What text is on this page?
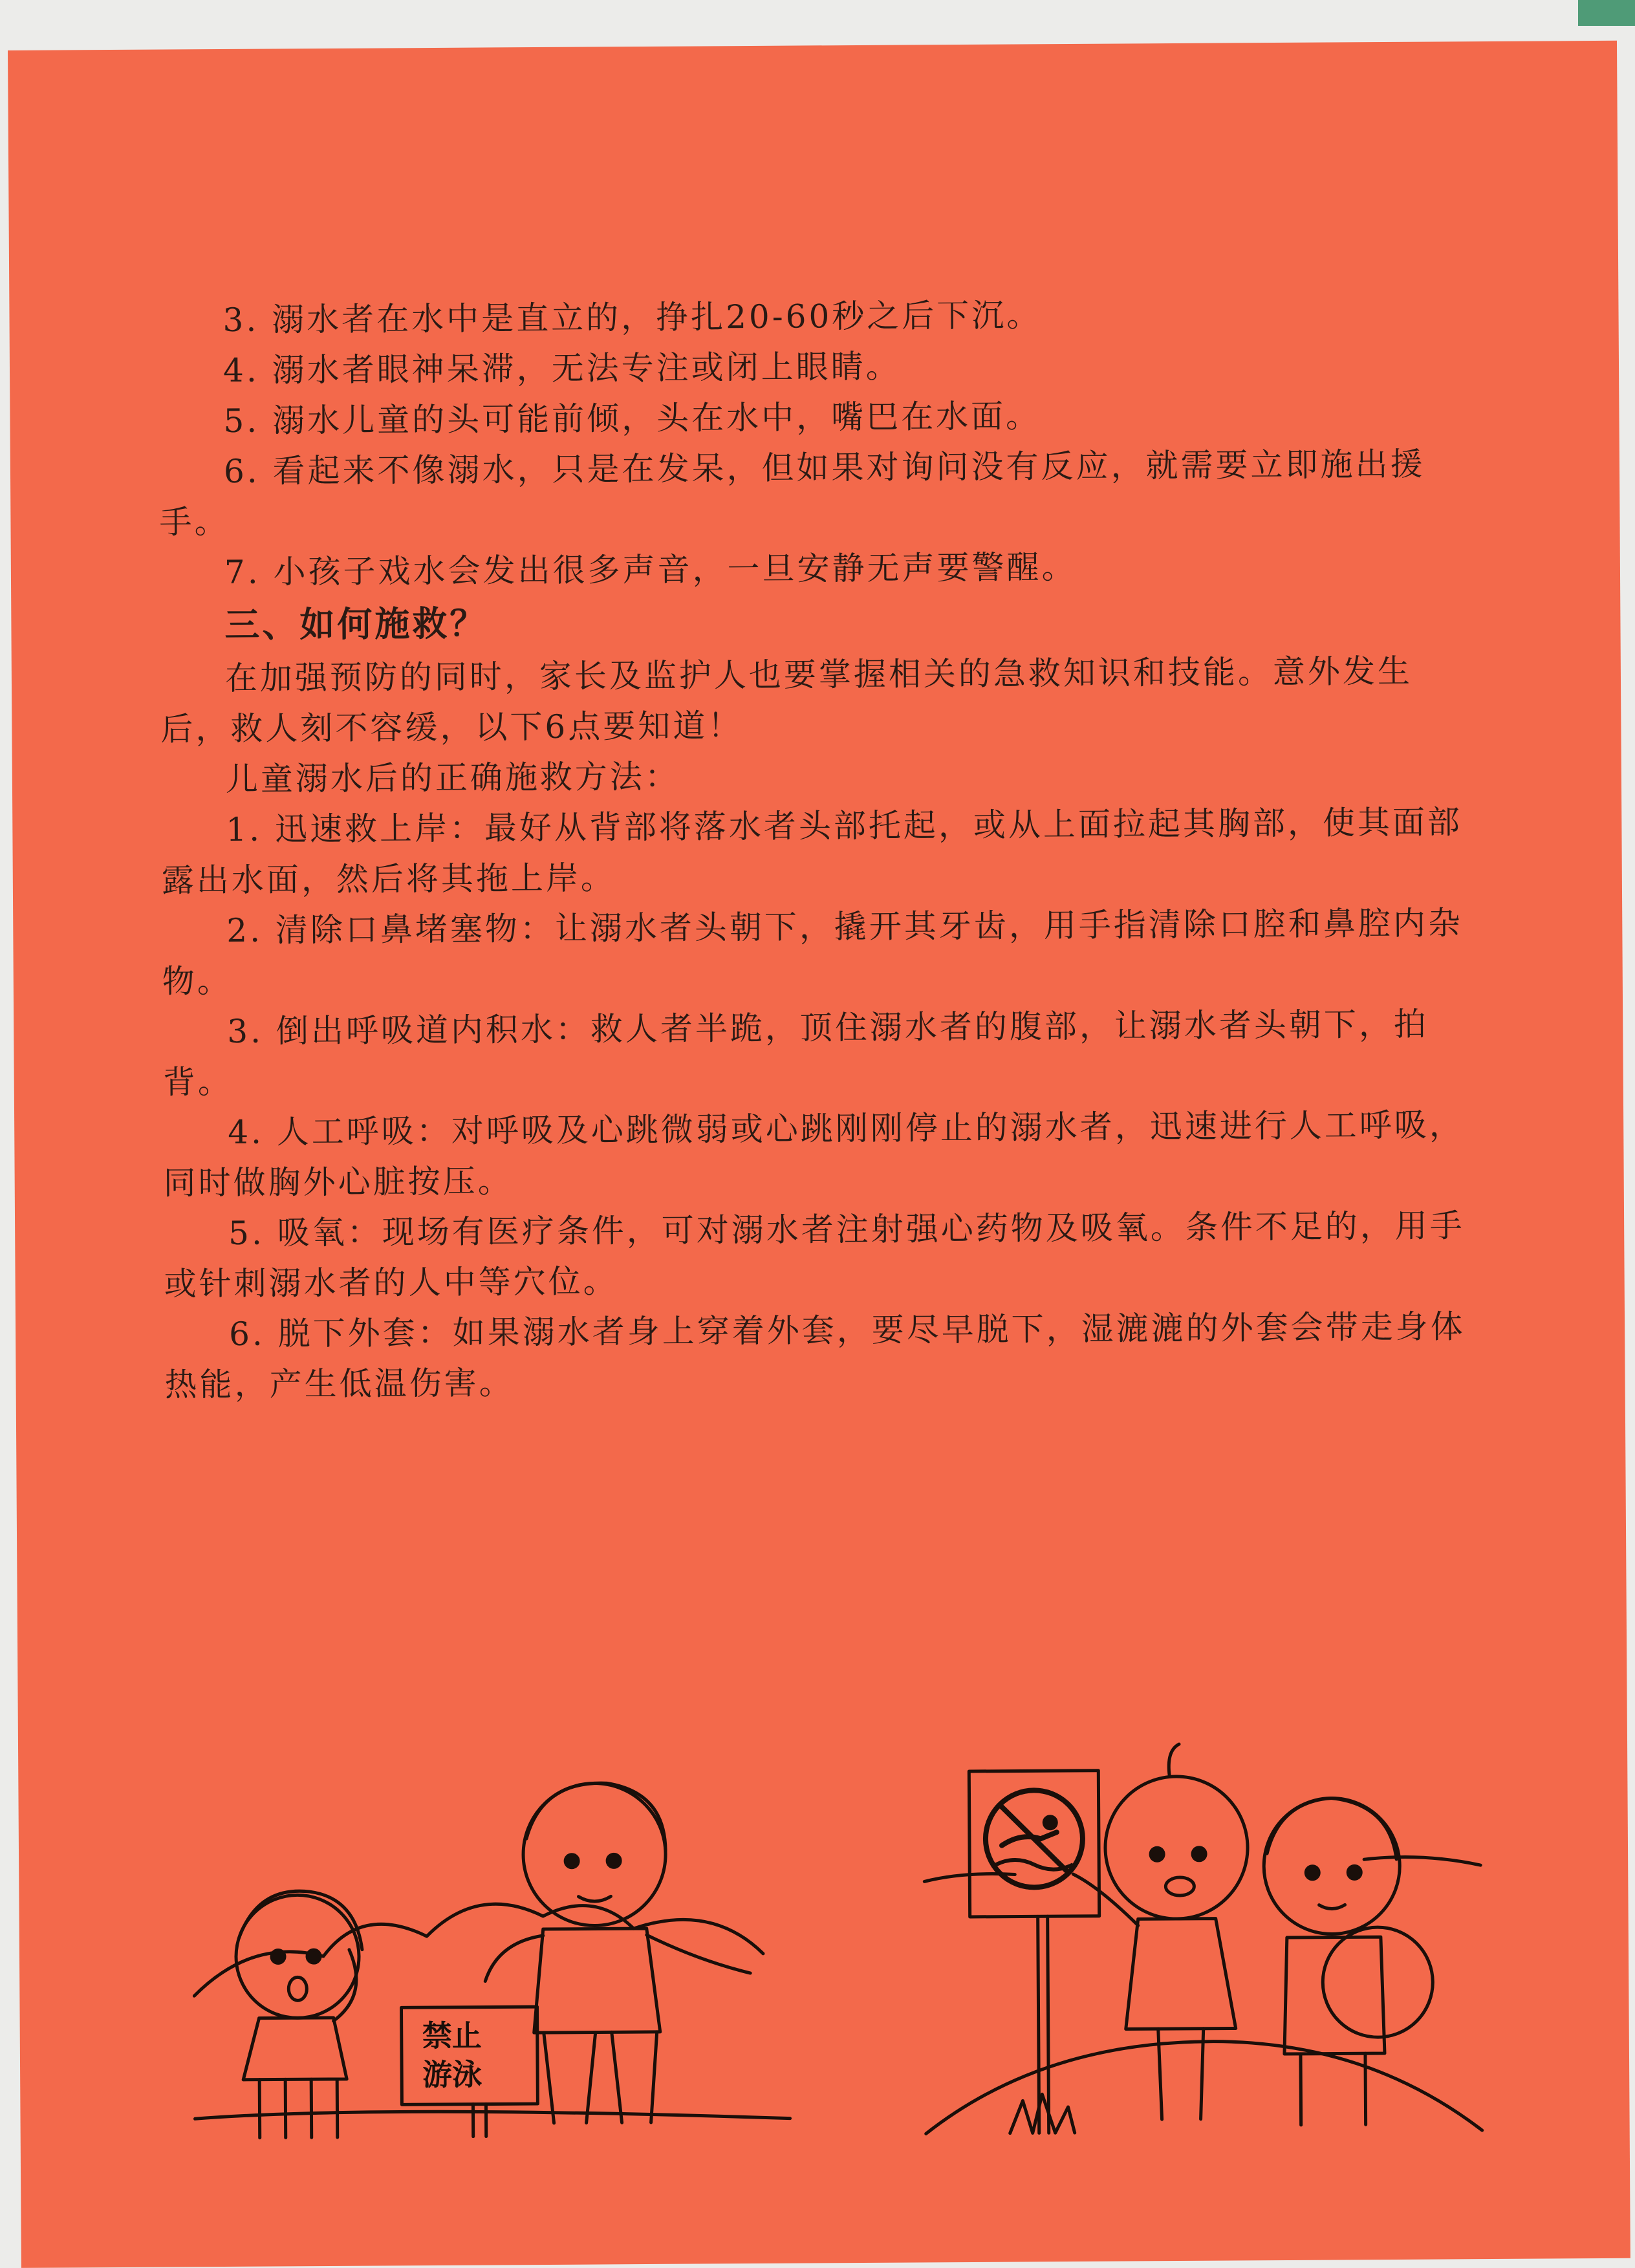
3. 溺水者在水中是直立的，挣扎20-60秒之后下沉。

4. 溺水者眼神呆滞，无法专注或闭上眼睛。

5. 溺水儿童的头可能前倾，头在水中，嘴巴在水面。

6. 看起来不像溺水，只是在发呆，但如果对询问没有反应，就需要立即施出援手。

7. 小孩子戏水会发出很多声音，一旦安静无声要警醒。

三、如何施救？

在加强预防的同时，家长及监护人也要掌握相关的急救知识和技能。意外发生后，救人刻不容缓，以下6点要知道！

儿童溺水后的正确施救方法：

1. 迅速救上岸：最好从背部将落水者头部托起，或从上面拉起其胸部，使其面部露出水面，然后将其拖上岸。

2. 清除口鼻堵塞物：让溺水者头朝下，撬开其牙齿，用手指清除口腔和鼻腔内杂物。

3. 倒出呼吸道内积水：救人者半跪，顶住溺水者的腹部，让溺水者头朝下，拍背。

4. 人工呼吸：对呼吸及心跳微弱或心跳刚刚停止的溺水者，迅速进行人工呼吸，同时做胸外心脏按压。

5. 吸氧：现场有医疗条件，可对溺水者注射强心药物及吸氧。条件不足的，用手或针刺溺水者的人中等穴位。

6. 脱下外套：如果溺水者身上穿着外套，要尽早脱下，湿漉漉的外套会带走身体热能，产生低温伤害。

禁止
游泳
